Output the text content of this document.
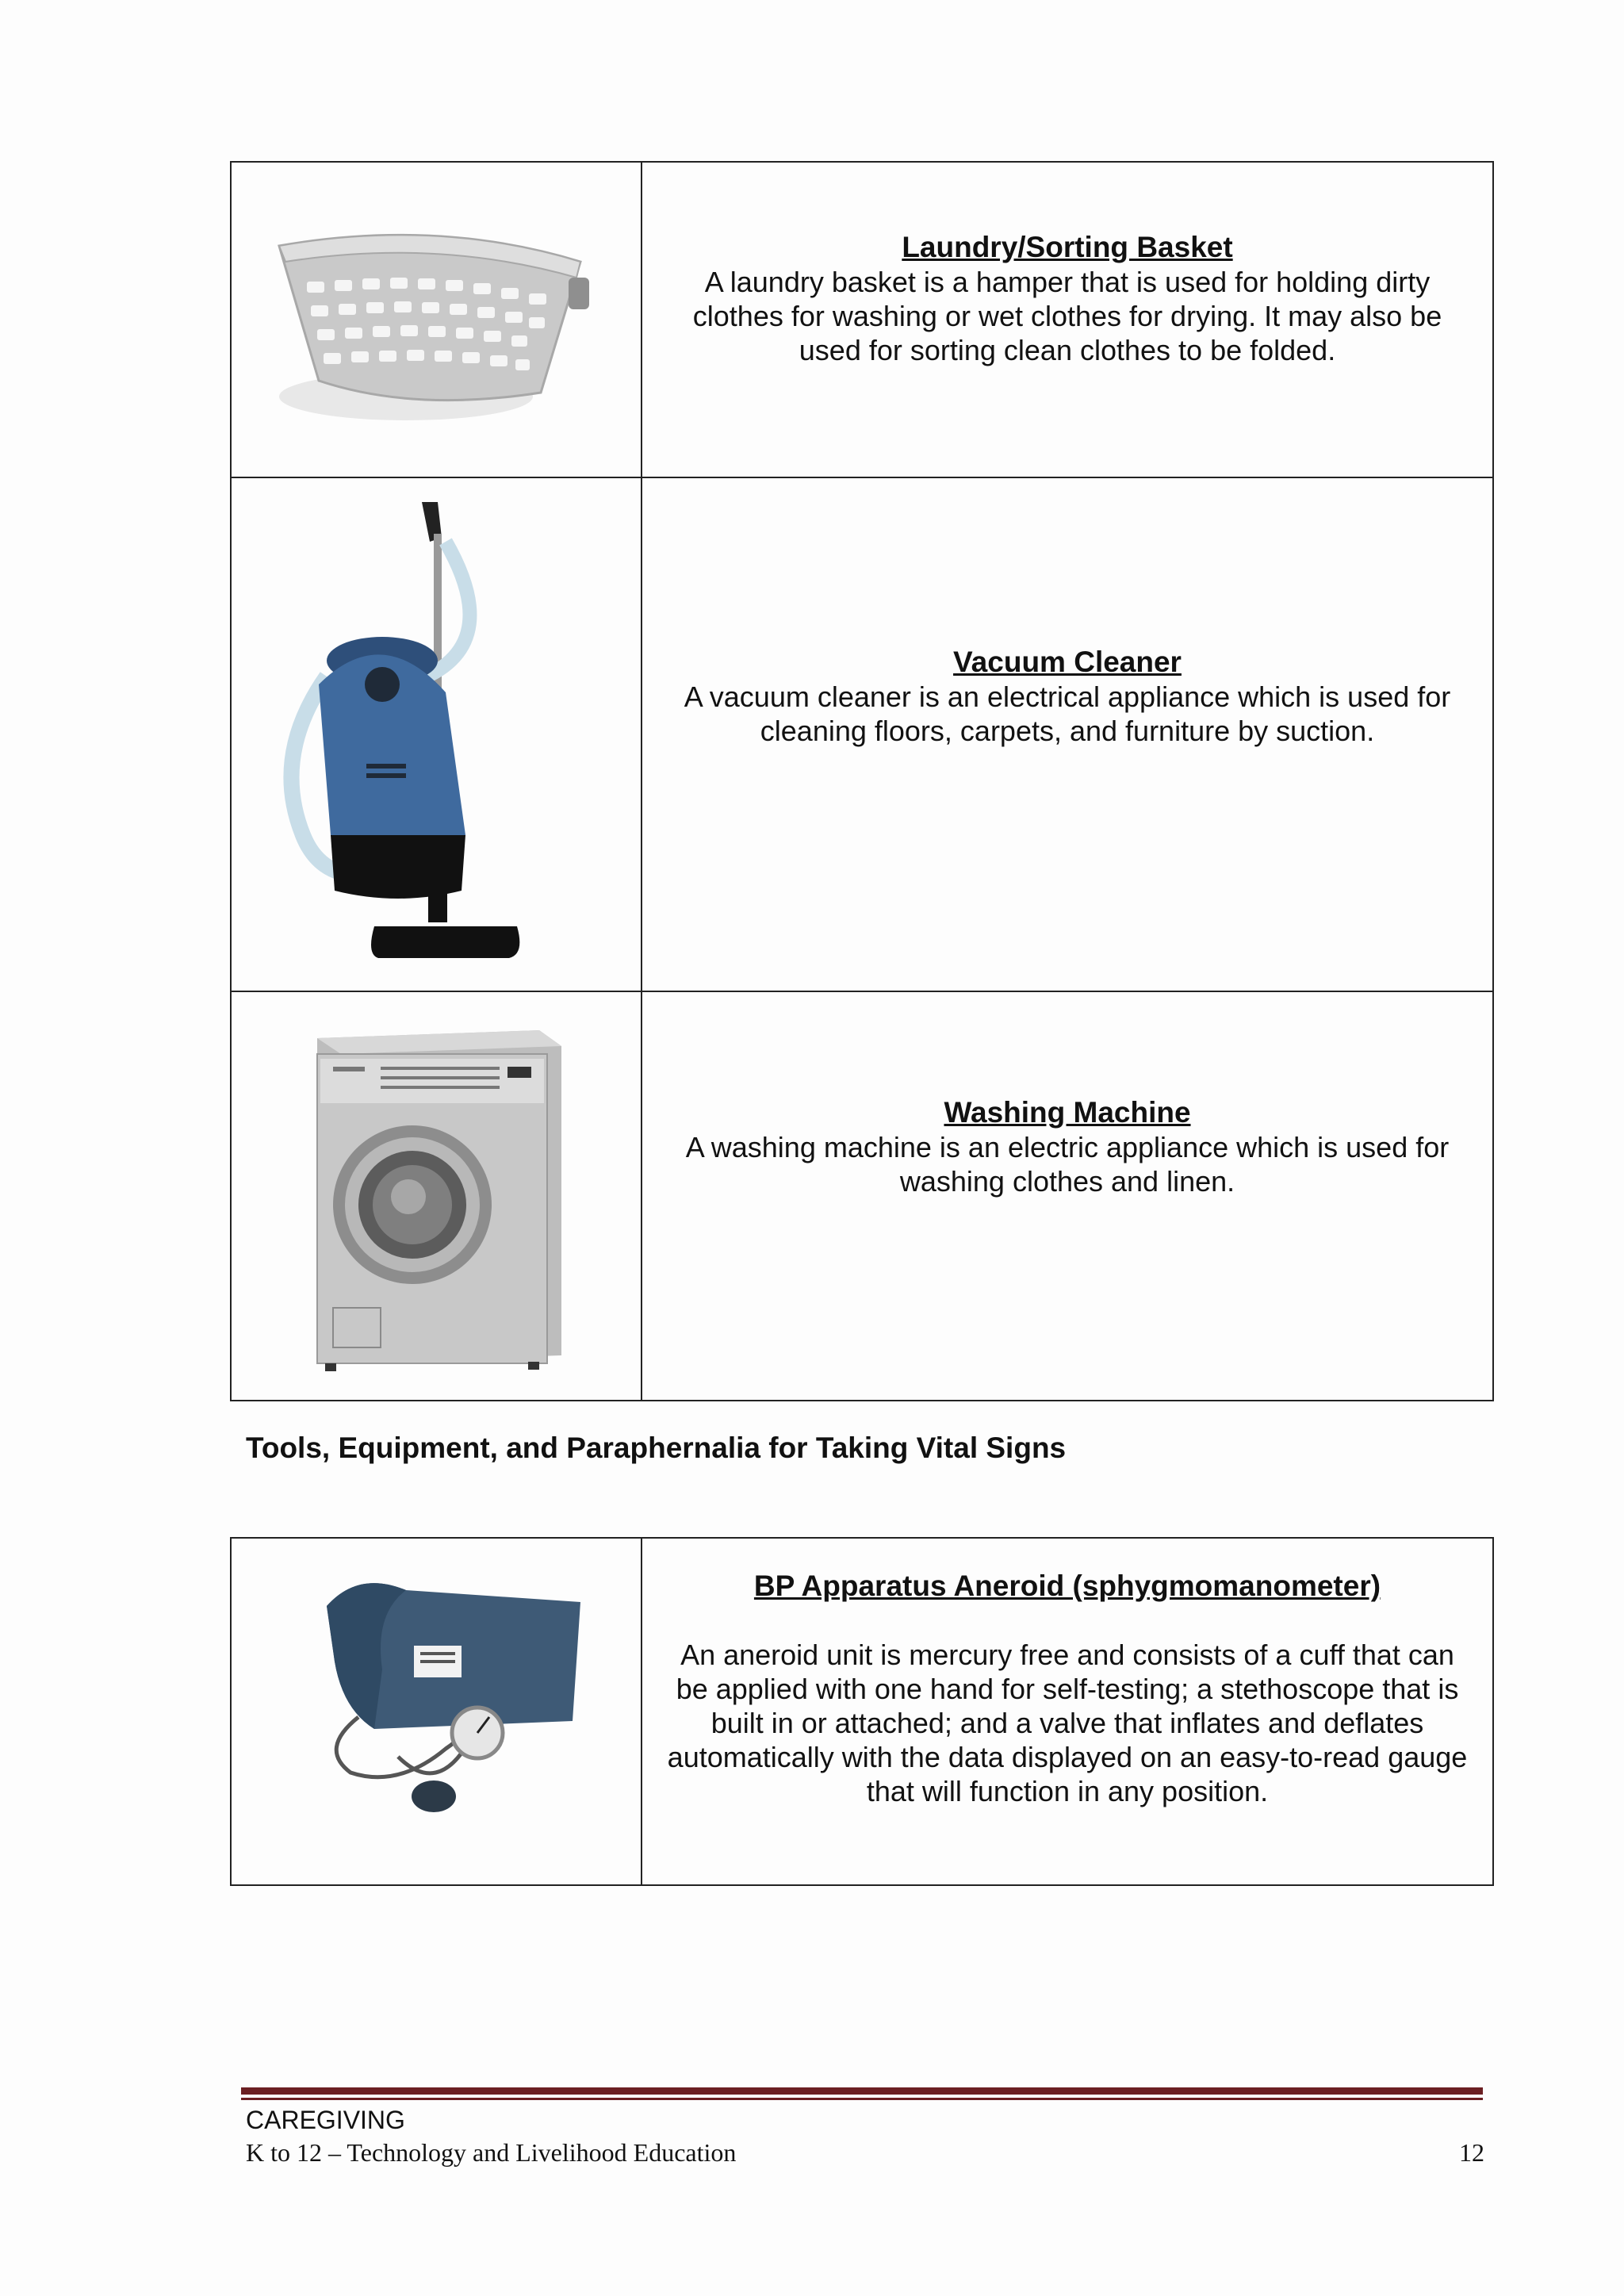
Laundry/Sorting Basket
A laundry basket is a hamper that is used for holding dirty clothes for washing or wet clothes for drying. It may also be used for sorting clean clothes to be folded.
Vacuum Cleaner
A vacuum cleaner is an electrical appliance which is used for cleaning floors, carpets, and furniture by suction.
Washing Machine
A washing machine is an electric appliance which is used for washing clothes and linen.
Tools, Equipment, and Paraphernalia for Taking Vital Signs
BP Apparatus Aneroid (sphygmomanometer)
An aneroid unit is mercury free and consists of a cuff that can be applied with one hand for self-testing; a stethoscope that is built in or attached; and a valve that inflates and deflates automatically with the data displayed on an easy-to-read gauge that will function in any position.
CAREGIVING
K to 12 – Technology and Livelihood Education	12
